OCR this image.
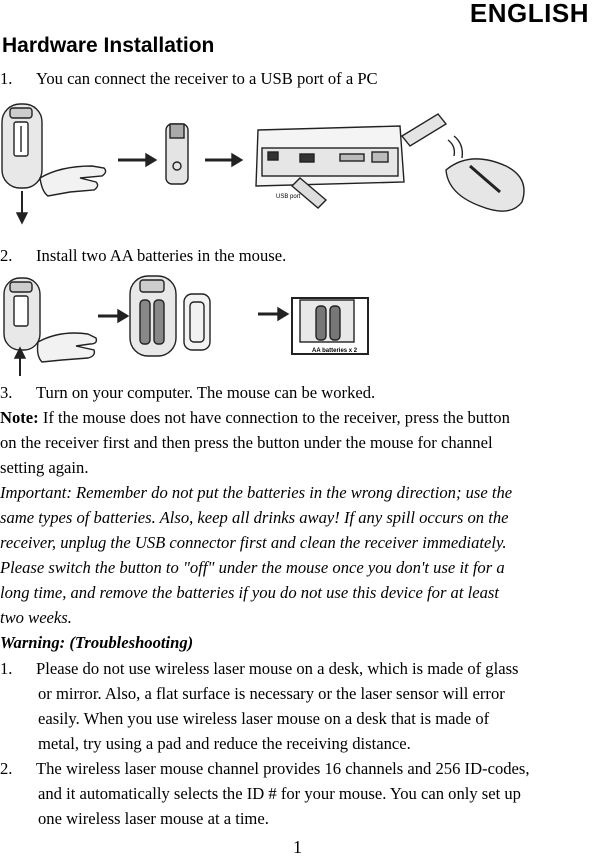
ENGLISH
Hardware Installation
1. You can connect the receiver to a USB port of a PC
USB port
2. Install two AA batteries in the mouse.
AA batteries x 2
3. Turn on your computer. The mouse can be worked.
Note: If the mouse does not have connection to the receiver, press the button
on the receiver first and then press the button under the mouse for channel
setting again.
Important: Remember do not put the batteries in the wrong direction; use the
same types of batteries. Also, keep all drinks away! If any spill occurs on the
receiver, unplug the USB connector first and clean the receiver immediately.
Please switch the button to "off" under the mouse once you don't use it for a
long time, and remove the batteries if you do not use this device for at least
two weeks.
Warning: (Troubleshooting)
1. Please do not use wireless laser mouse on a desk, which is made of glass
or mirror. Also, a flat surface is necessary or the laser sensor will error
easily. When you use wireless laser mouse on a desk that is made of
metal, try using a pad and reduce the receiving distance.
2. The wireless laser mouse channel provides 16 channels and 256 ID-codes,
and it automatically selects the ID # for your mouse. You can only set up
one wireless laser mouse at a time.
1
